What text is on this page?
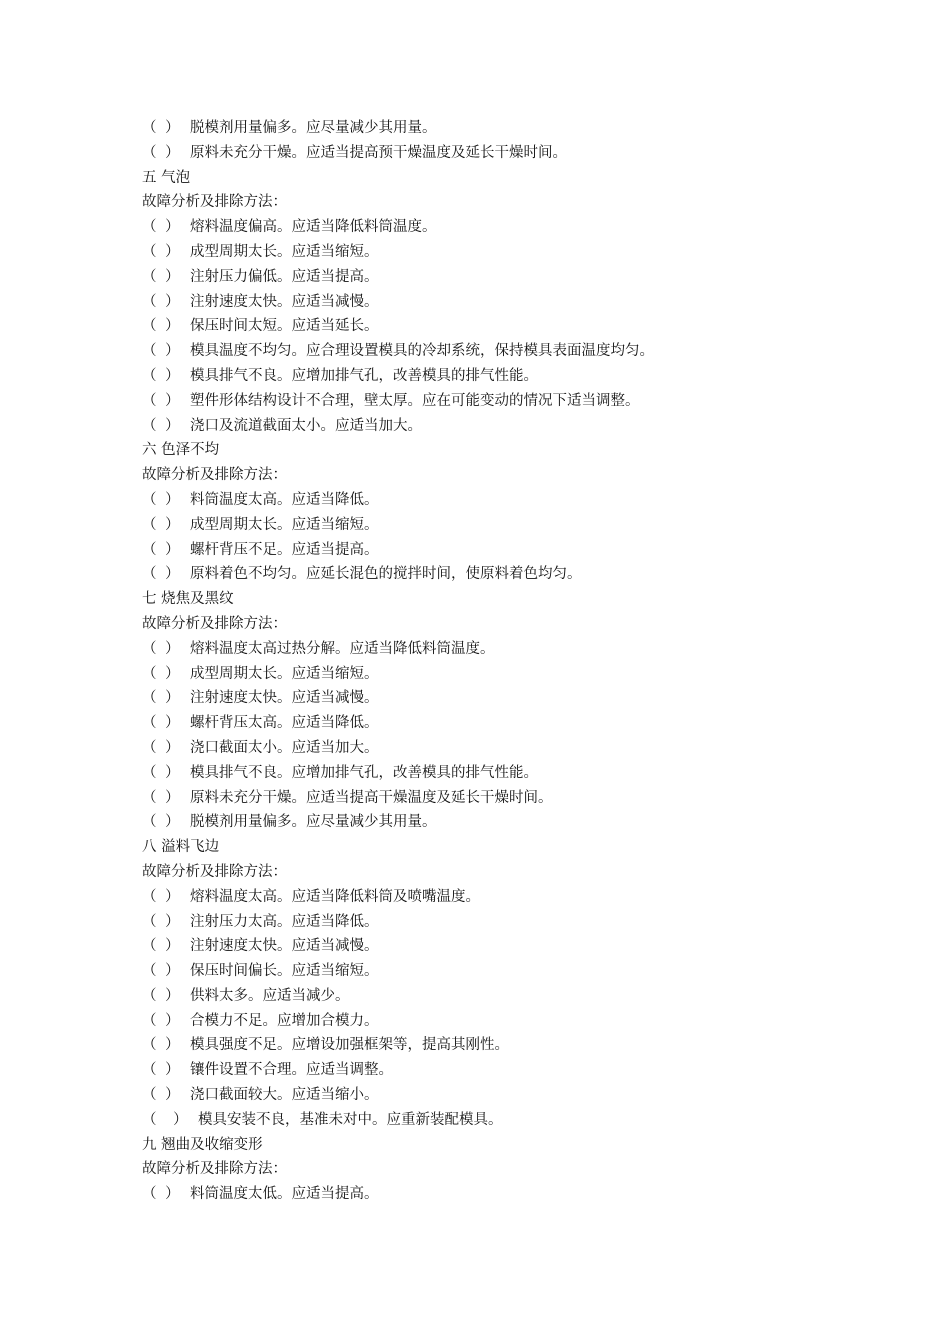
（ ） 脱模剂用量偏多。应尽量减少其用量。
（ ） 原料未充分干燥。应适当提高预干燥温度及延长干燥时间。
五 气泡
故障分析及排除方法：
（ ） 熔料温度偏高。应适当降低料筒温度。
（ ） 成型周期太长。应适当缩短。
（ ） 注射压力偏低。应适当提高。
（ ） 注射速度太快。应适当减慢。
（ ） 保压时间太短。应适当延长。
（ ） 模具温度不均匀。应合理设置模具的冷却系统，保持模具表面温度均匀。
（ ） 模具排气不良。应增加排气孔，改善模具的排气性能。
（ ） 塑件形体结构设计不合理，壁太厚。应在可能变动的情况下适当调整。
（ ） 浇口及流道截面太小。应适当加大。
六 色泽不均
故障分析及排除方法：
（ ） 料筒温度太高。应适当降低。
（ ） 成型周期太长。应适当缩短。
（ ） 螺杆背压不足。应适当提高。
（ ） 原料着色不均匀。应延长混色的搅拌时间，使原料着色均匀。
七 烧焦及黑纹
故障分析及排除方法：
（ ） 熔料温度太高过热分解。应适当降低料筒温度。
（ ） 成型周期太长。应适当缩短。
（ ） 注射速度太快。应适当减慢。
（ ） 螺杆背压太高。应适当降低。
（ ） 浇口截面太小。应适当加大。
（ ） 模具排气不良。应增加排气孔，改善模具的排气性能。
（ ） 原料未充分干燥。应适当提高干燥温度及延长干燥时间。
（ ） 脱模剂用量偏多。应尽量减少其用量。
八 溢料飞边
故障分析及排除方法：
（ ） 熔料温度太高。应适当降低料筒及喷嘴温度。
（ ） 注射压力太高。应适当降低。
（ ） 注射速度太快。应适当减慢。
（ ） 保压时间偏长。应适当缩短。
（ ） 供料太多。应适当减少。
（ ） 合模力不足。应增加合模力。
（ ） 模具强度不足。应增设加强框架等，提高其刚性。
（ ） 镶件设置不合理。应适当调整。
（ ） 浇口截面较大。应适当缩小。
（ ） 模具安装不良，基准未对中。应重新装配模具。
九 翘曲及收缩变形
故障分析及排除方法：
（ ） 料筒温度太低。应适当提高。
